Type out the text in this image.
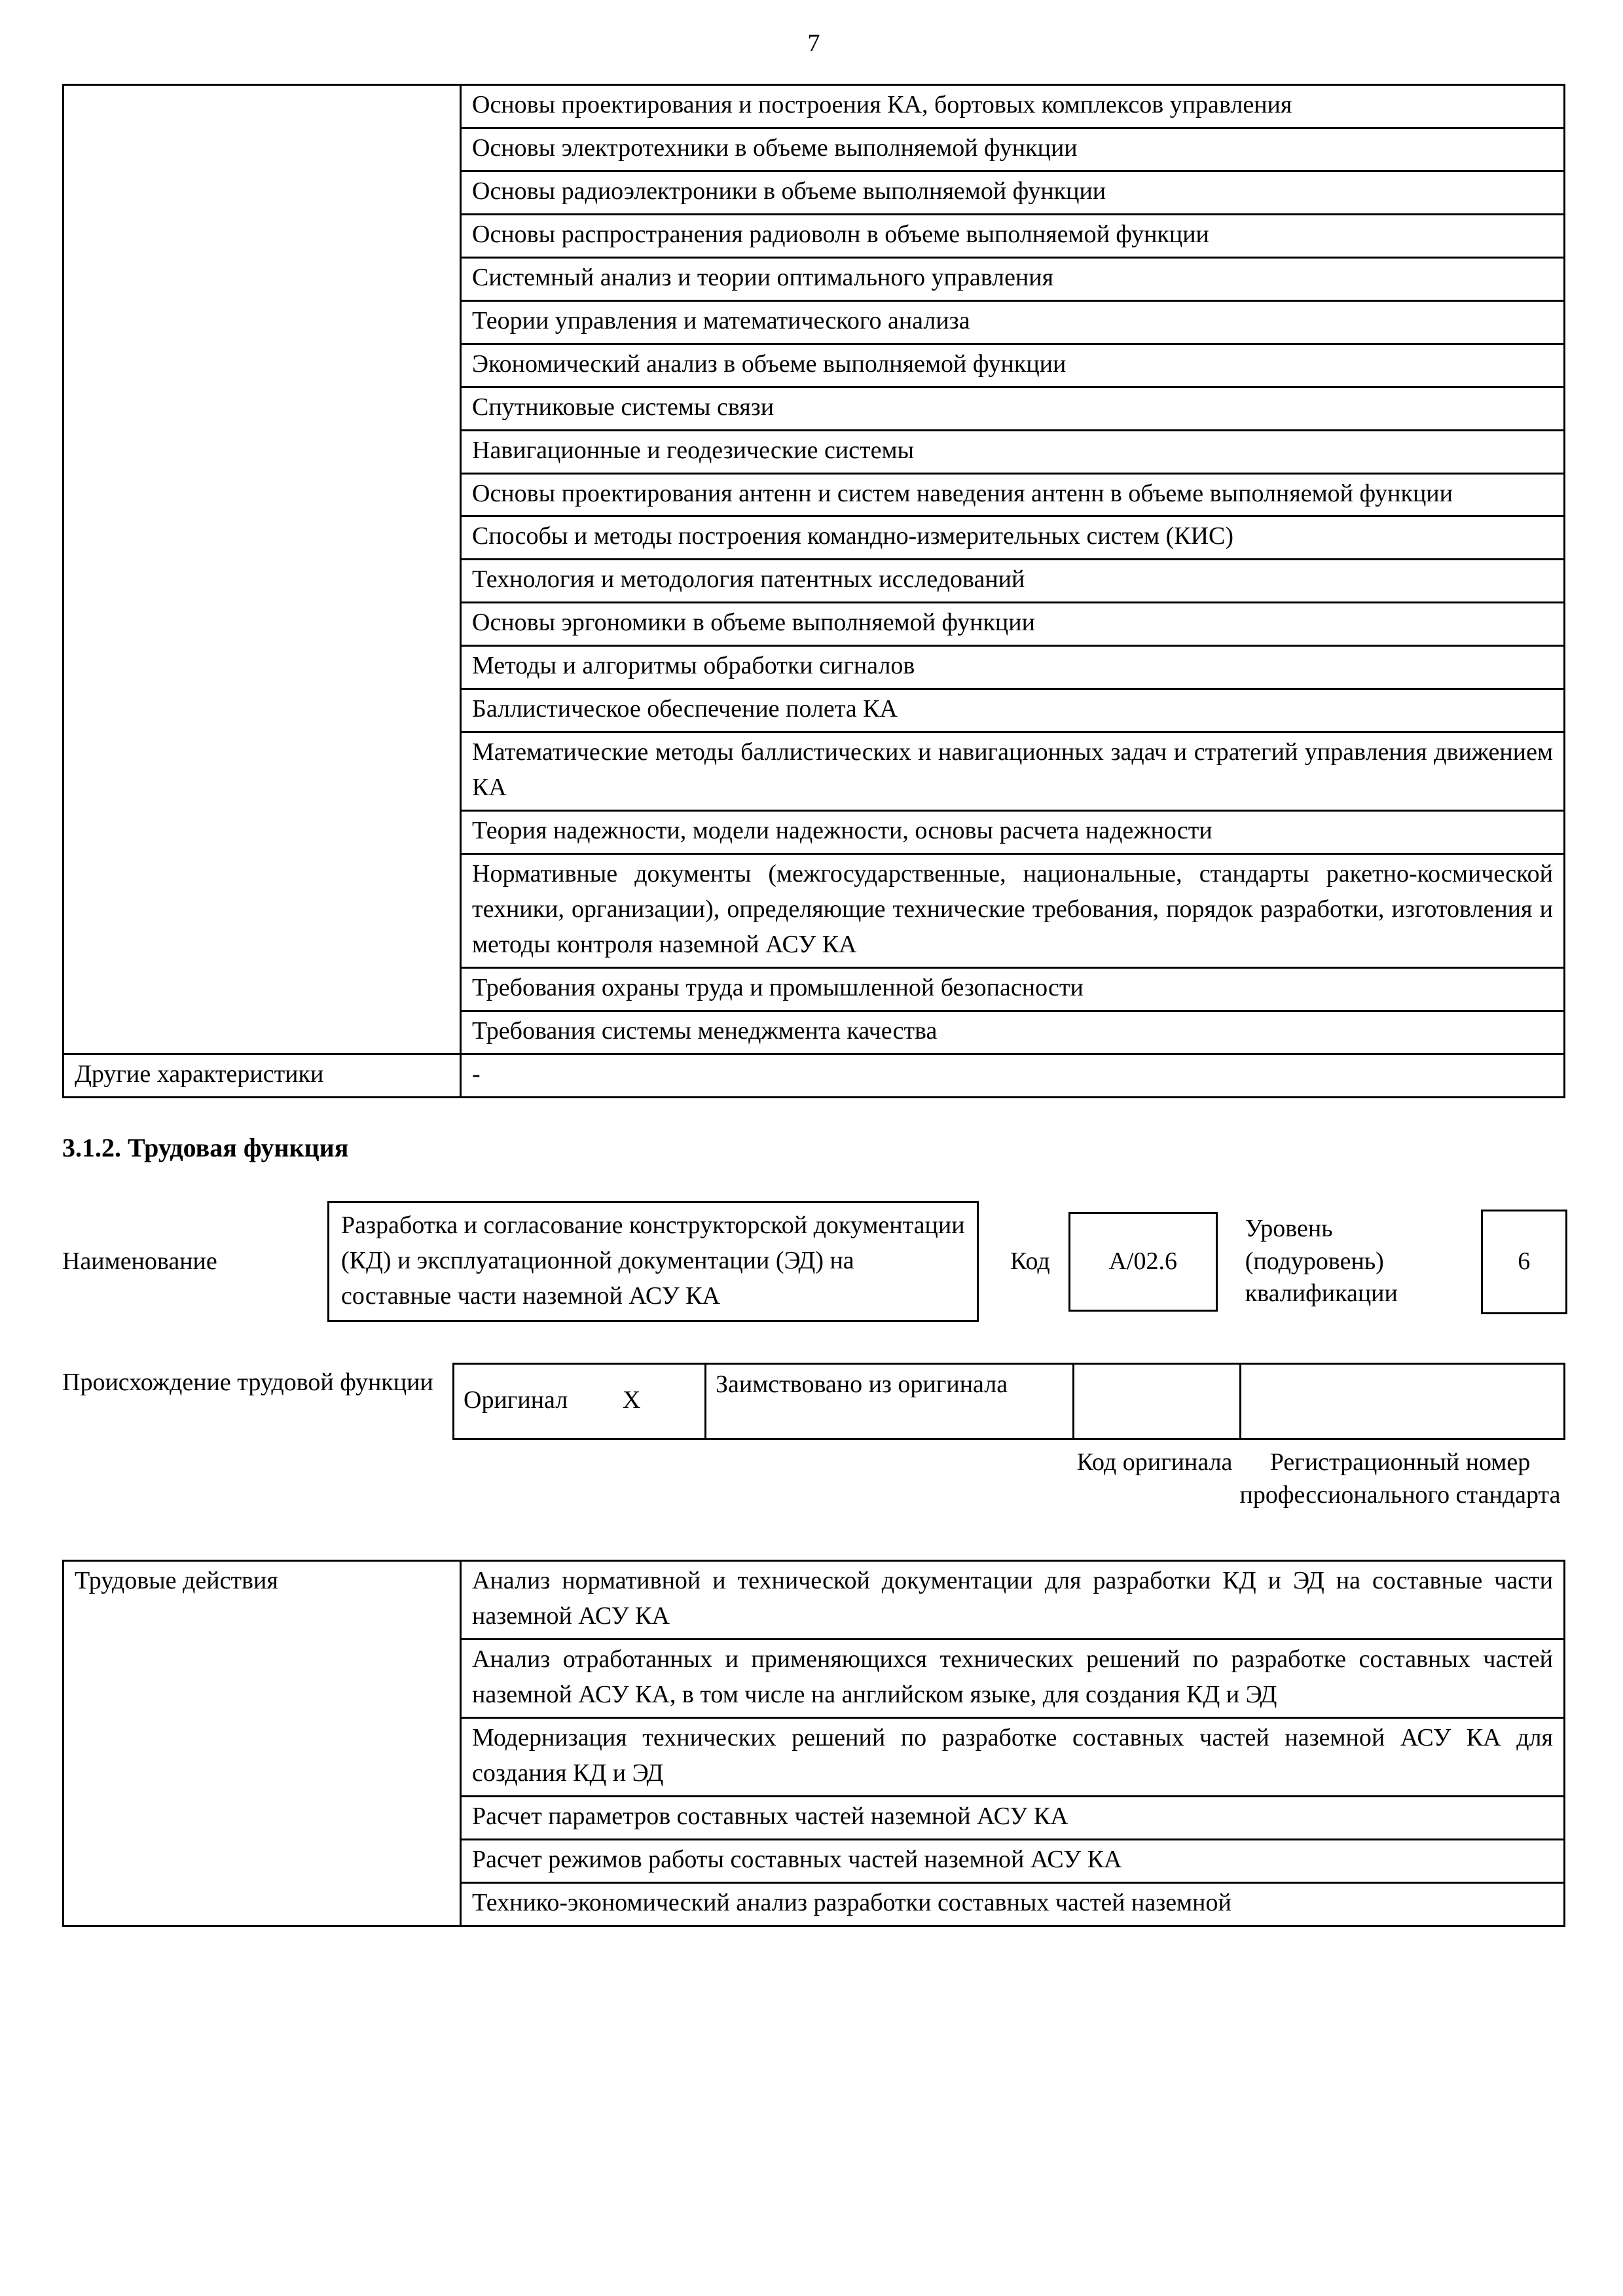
7
	Основы проектирования и построения КА, бортовых комплексов управления
	Основы электротехники в объеме выполняемой функции
	Основы радиоэлектроники в объеме выполняемой функции
	Основы распространения радиоволн в объеме выполняемой функции
	Системный анализ и теории оптимального управления
	Теории управления и математического анализа
	Экономический анализ в объеме выполняемой функции
	Спутниковые системы связи
	Навигационные и геодезические системы
	Основы проектирования антенн и систем наведения антенн в объеме выполняемой функции
	Способы и методы построения командно-измерительных систем (КИС)
	Технология и методология патентных исследований
	Основы эргономики в объеме выполняемой функции
	Методы и алгоритмы обработки сигналов
	Баллистическое обеспечение полета КА
	Математические методы баллистических и навигационных задач и стратегий управления движением КА
	Теория надежности, модели надежности, основы расчета надежности
	Нормативные документы (межгосударственные, национальные, стандарты ракетно-космической техники, организации), определяющие технические требования, порядок разработки, изготовления и методы контроля наземной АСУ КА
	Требования охраны труда и промышленной безопасности
	Требования системы менеджмента качества
Другие характеристики	-
3.1.2. Трудовая функция
Наименование
Разработка и согласование конструкторской документации (КД) и эксплуатационной документации (ЭД) на составные части наземной АСУ КА
Код	А/02.6
Уровень (подуровень) квалификации
6
Происхождение трудовой функции
Оригинал	X
Заимствовано из оригинала
Код оригинала	Регистрационный номер профессионального стандарта
Трудовые действия	Анализ нормативной и технической документации для разработки КД и ЭД на составные части наземной АСУ КА
Анализ отработанных и применяющихся технических решений по разработке составных частей наземной АСУ КА, в том числе на английском языке, для создания КД и ЭД
Модернизация технических решений по разработке составных частей наземной АСУ КА для создания КД и ЭД
Расчет параметров составных частей наземной АСУ КА
Расчет режимов работы составных частей наземной АСУ КА
Технико-экономический анализ разработки составных частей наземной
